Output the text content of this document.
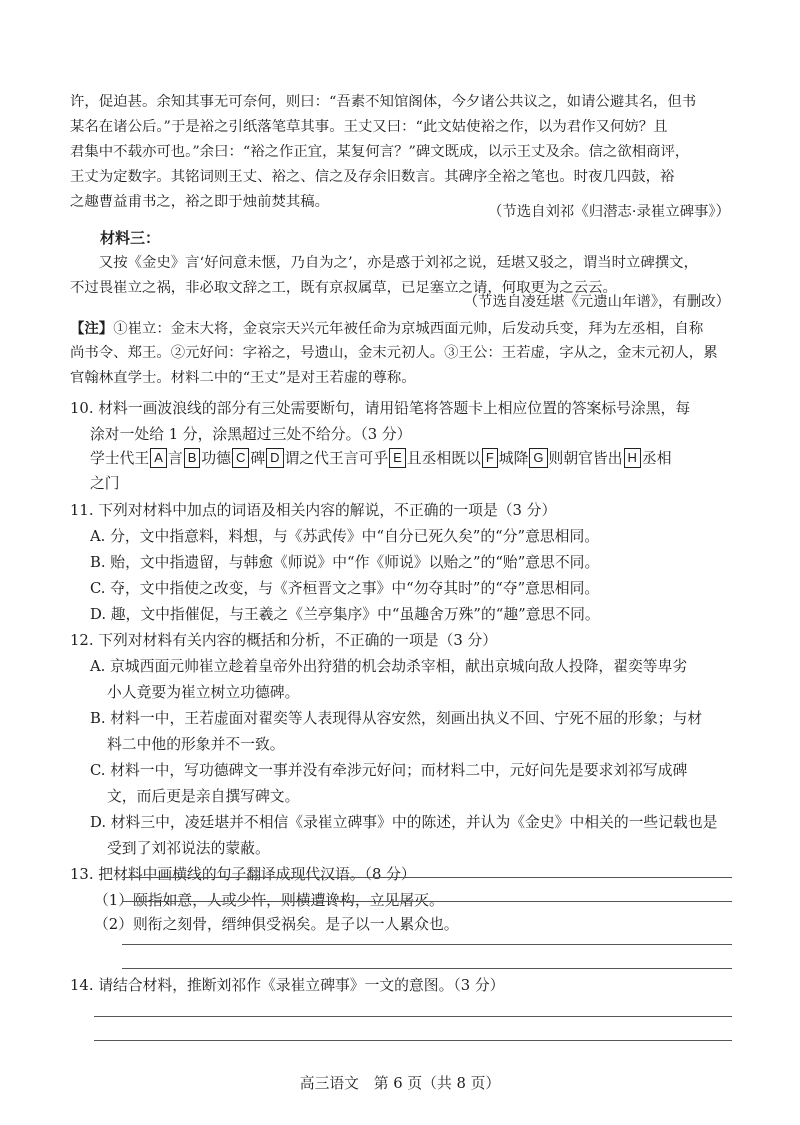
许，促迫甚。余知其事无可奈何，则曰：“吾素不知馆阁体，今夕诸公共议之，如请公避其名，但书
某名在诸公后。”于是裕之引纸落笔草其事。王丈又曰：“此文姑使裕之作，以为君作又何妨？且
君集中不载亦可也。”余曰：“裕之作正宜，某复何言？”碑文既成，以示王丈及余。信之欲相商评，
王丈为定数字。其铭词则王丈、裕之、信之及存余旧数言。其碑序全裕之笔也。时夜几四鼓，裕
之趣曹益甫书之，裕之即于烛前焚其稿。
（节选自刘祁《归潜志·录崔立碑事》）
材料三：
又按《金史》言‘好问意未惬，乃自为之’，亦是惑于刘祁之说，廷堪又驳之，谓当时立碑撰文，
不过畏崔立之祸，非必取文辞之工，既有京叔属草，已足塞立之请，何取更为之云云。
（节选自凌廷堪《元遗山年谱》，有删改）
【注】①崔立：金末大将，金哀宗天兴元年被任命为京城西面元帅，后发动兵变，拜为左丞相，自称
尚书令、郑王。②元好问：字裕之，号遗山，金末元初人。③王公：王若虚，字从之，金末元初人，累
官翰林直学士。材料二中的“王丈”是对王若虚的尊称。
10. 材料一画波浪线的部分有三处需要断句，请用铅笔将答题卡上相应位置的答案标号涂黑，每
涂对一处给 1 分，涂黑超过三处不给分。（3 分）
学士代王 A 言 B 功德 C 碑 D 谓之代王言可乎 E 且丞相既以 F 城降 G 则朝官皆出 H 丞相
之门
11. 下列对材料中加点的词语及相关内容的解说，不正确的一项是（3 分）
A. 分，文中指意料，料想，与《苏武传》中“自分已死久矣”的“分”意思相同。
B. 贻，文中指遗留，与韩愈《师说》中“作《师说》以贻之”的“贻”意思不同。
C. 夺，文中指使之改变，与《齐桓晋文之事》中“勿夺其时”的“夺”意思相同。
D. 趣，文中指催促，与王羲之《兰亭集序》中“虽趣舍万殊”的“趣”意思不同。
12. 下列对材料有关内容的概括和分析，不正确的一项是（3 分）
A. 京城西面元帅崔立趁着皇帝外出狩猎的机会劫杀宰相，献出京城向敌人投降，翟奕等卑劣
小人竟要为崔立树立功德碑。
B. 材料一中，王若虚面对翟奕等人表现得从容安然，刻画出执义不回、宁死不屈的形象；与材
料二中他的形象并不一致。
C. 材料一中，写功德碑文一事并没有牵涉元好问；而材料二中，元好问先是要求刘祁写成碑
文，而后更是亲自撰写碑文。
D. 材料三中，凌廷堪并不相信《录崔立碑事》中的陈述，并认为《金史》中相关的一些记载也是
受到了刘祁说法的蒙蔽。
13. 把材料中画横线的句子翻译成现代汉语。（8 分）
（1）颐指如意，人或少忤，则横遭谗构，立见屠灭。
（2）则衔之刻骨，缙绅俱受祸矣。是子以一人累众也。
14. 请结合材料，推断刘祁作《录崔立碑事》一文的意图。（3 分）
高三语文　第 6 页（共 8 页）
